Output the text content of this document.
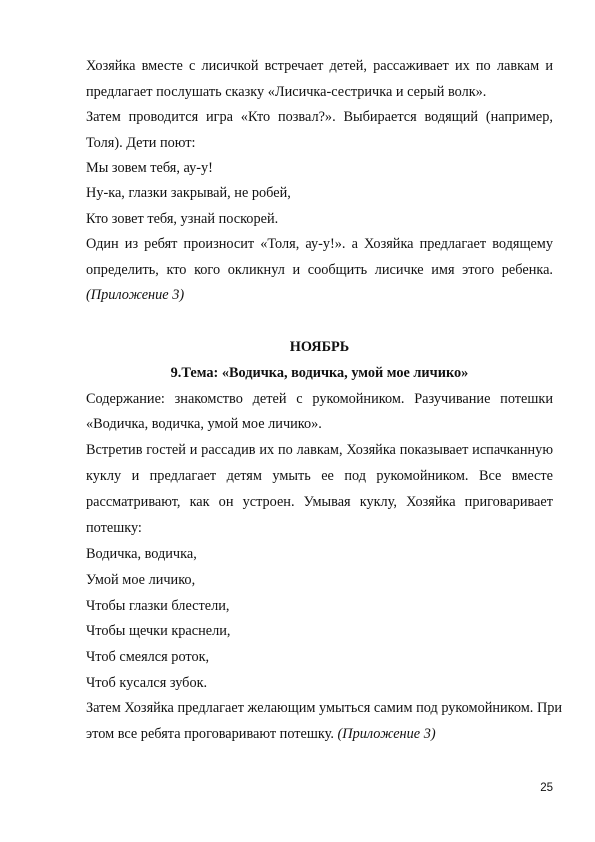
Хозяйка вместе с лисичкой встречает детей, рассаживает их по лавкам и
предлагает послушать сказку «Лисичка-сестричка и серый волк».
Затем проводится игра «Кто позвал?». Выбирается водящий (например,
Толя). Дети поют:
Мы зовем тебя, ау-у!
Ну-ка, глазки закрывай, не робей,
Кто зовет тебя, узнай поскорей.
Один из ребят произносит «Толя, ау-у!». а Хозяйка предлагает водящему
определить, кто кого окликнул и сообщить лисичке имя этого ребенка.
(Приложение 3)
НОЯБРЬ
9.Тема: «Водичка, водичка, умой мое личико»
Содержание: знакомство детей с рукомойником. Разучивание потешки
«Водичка, водичка, умой мое личико».
Встретив гостей и рассадив их по лавкам, Хозяйка показывает испачканную
куклу и предлагает детям умыть ее под рукомойником. Все вместе
рассматривают, как он устроен. Умывая куклу, Хозяйка приговаривает
потешку:
Водичка, водичка,
Умой мое личико,
Чтобы глазки блестели,
Чтобы щечки краснели,
Чтоб смеялся роток,
Чтоб кусался зубок.
Затем Хозяйка предлагает желающим умыться самим под рукомойником. При
этом все ребята проговаривают потешку. (Приложение 3)
25
